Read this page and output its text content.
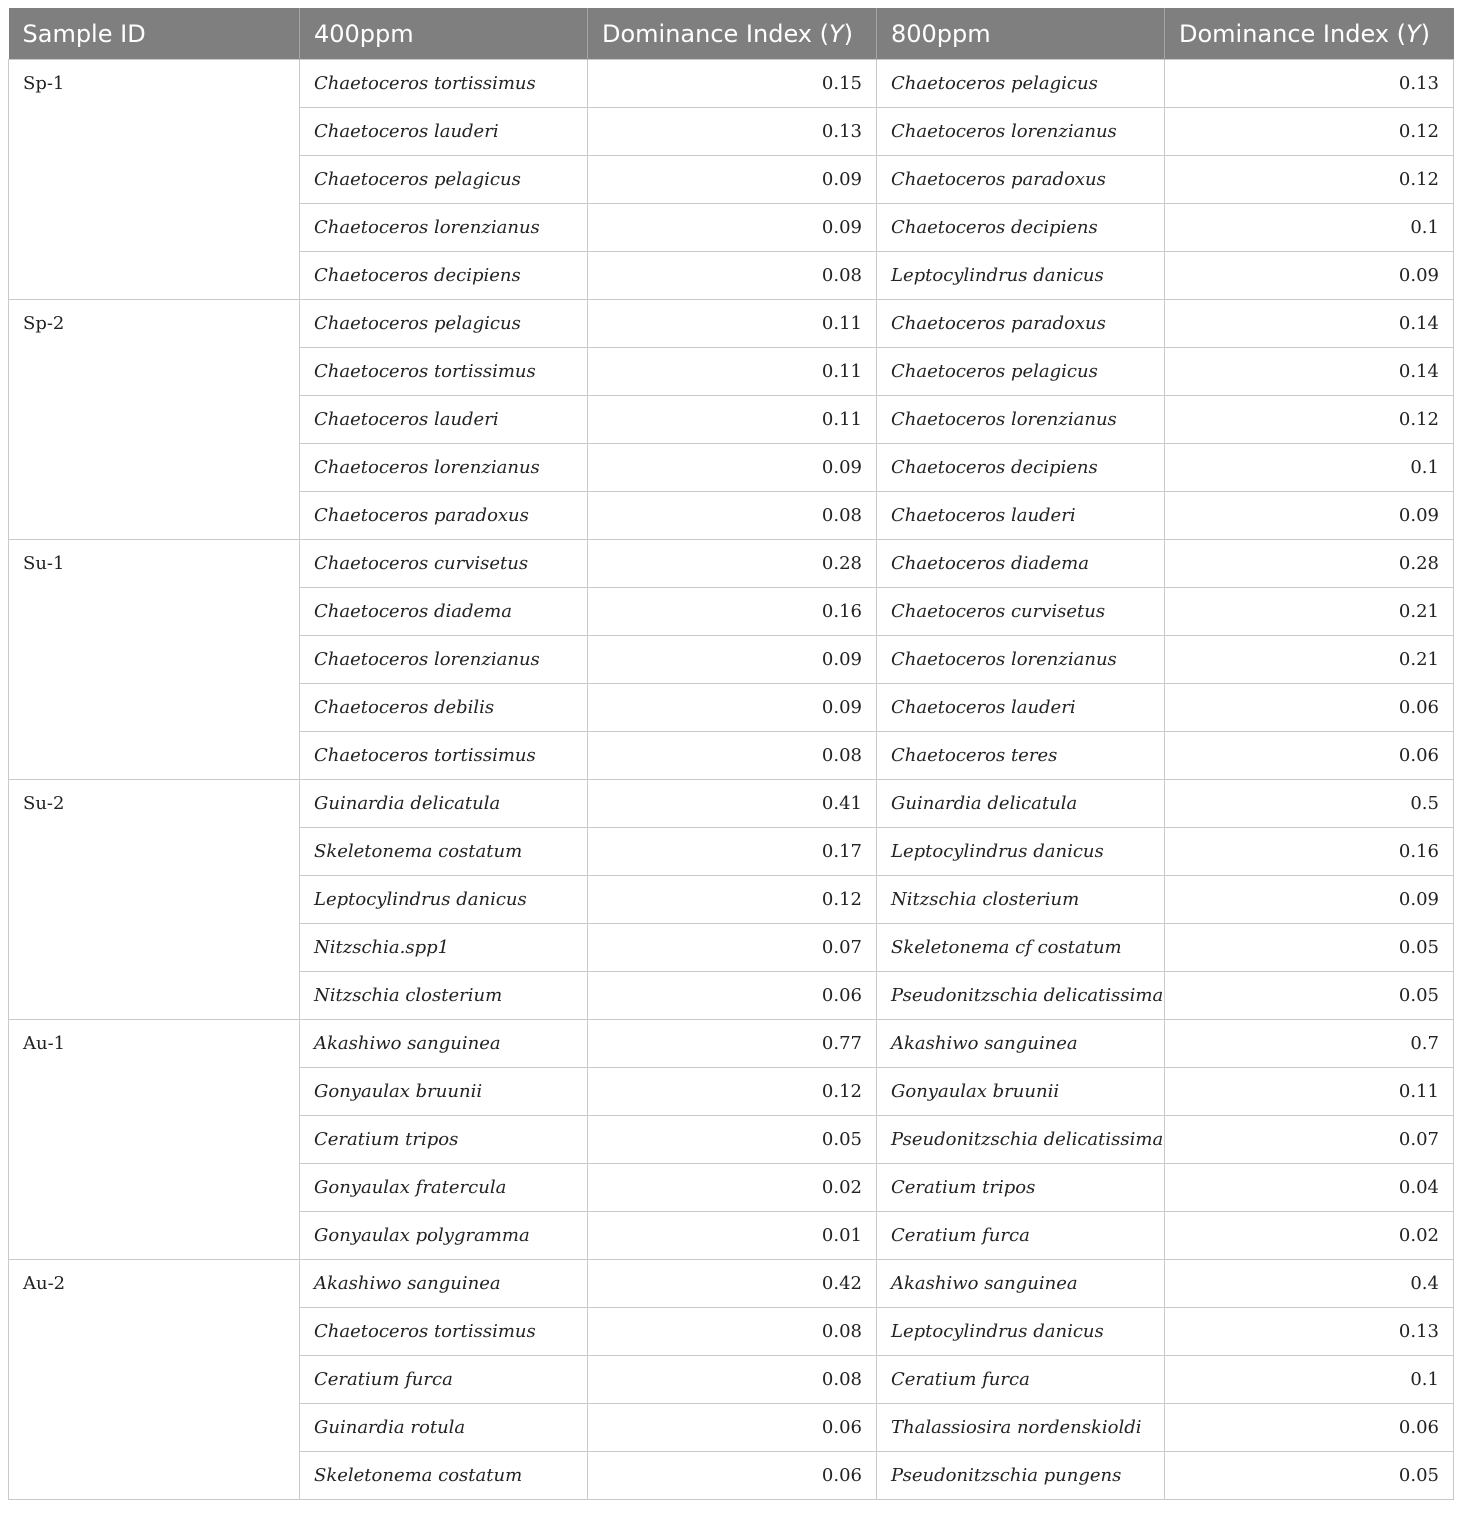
Sample ID	400ppm	Dominance Index (Y)	800ppm	Dominance Index (Y)
Sp-1	Chaetoceros tortissimus	0.15	Chaetoceros pelagicus	0.13
	Chaetoceros lauderi	0.13	Chaetoceros lorenzianus	0.12
	Chaetoceros pelagicus	0.09	Chaetoceros paradoxus	0.12
	Chaetoceros lorenzianus	0.09	Chaetoceros decipiens	0.1
	Chaetoceros decipiens	0.08	Leptocylindrus danicus	0.09
Sp-2	Chaetoceros pelagicus	0.11	Chaetoceros paradoxus	0.14
	Chaetoceros tortissimus	0.11	Chaetoceros pelagicus	0.14
	Chaetoceros lauderi	0.11	Chaetoceros lorenzianus	0.12
	Chaetoceros lorenzianus	0.09	Chaetoceros decipiens	0.1
	Chaetoceros paradoxus	0.08	Chaetoceros lauderi	0.09
Su-1	Chaetoceros curvisetus	0.28	Chaetoceros diadema	0.28
	Chaetoceros diadema	0.16	Chaetoceros curvisetus	0.21
	Chaetoceros lorenzianus	0.09	Chaetoceros lorenzianus	0.21
	Chaetoceros debilis	0.09	Chaetoceros lauderi	0.06
	Chaetoceros tortissimus	0.08	Chaetoceros teres	0.06
Su-2	Guinardia delicatula	0.41	Guinardia delicatula	0.5
	Skeletonema costatum	0.17	Leptocylindrus danicus	0.16
	Leptocylindrus danicus	0.12	Nitzschia closterium	0.09
	Nitzschia.spp1	0.07	Skeletonema cf costatum	0.05
	Nitzschia closterium	0.06	Pseudonitzschia delicatissima	0.05
Au-1	Akashiwo sanguinea	0.77	Akashiwo sanguinea	0.7
	Gonyaulax bruunii	0.12	Gonyaulax bruunii	0.11
	Ceratium tripos	0.05	Pseudonitzschia delicatissima	0.07
	Gonyaulax fratercula	0.02	Ceratium tripos	0.04
	Gonyaulax polygramma	0.01	Ceratium furca	0.02
Au-2	Akashiwo sanguinea	0.42	Akashiwo sanguinea	0.4
	Chaetoceros tortissimus	0.08	Leptocylindrus danicus	0.13
	Ceratium furca	0.08	Ceratium furca	0.1
	Guinardia rotula	0.06	Thalassiosira nordenskioldi	0.06
	Skeletonema costatum	0.06	Pseudonitzschia pungens	0.05
